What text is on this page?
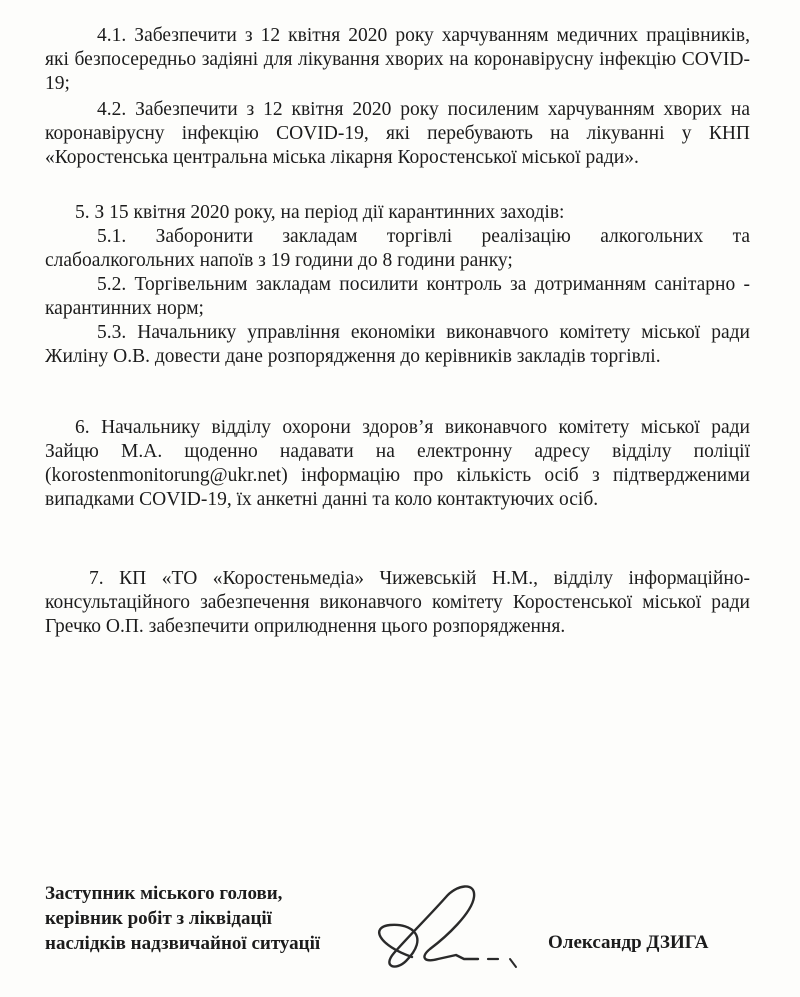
4.1. Забезпечити з 12 квітня 2020 року харчуванням медичних працівників, які безпосередньо задіяні для лікування хворих на коронавірусну інфекцію COVID-19;

4.2. Забезпечити з 12 квітня 2020 року посиленим харчуванням хворих на коронавірусну інфекцію COVID-19, які перебувають на лікуванні у КНП «Коростенська центральна міська лікарня Коростенської міської ради».

5. З 15 квітня 2020 року, на період дії карантинних заходів:

5.1. Заборонити закладам торгівлі реалізацію алкогольних та слабоалкогольних напоїв з 19 години до 8 години ранку;

5.2. Торгівельним закладам посилити контроль за дотриманням санітарно - карантинних норм;

5.3. Начальнику управління економіки виконавчого комітету міської ради Жиліну О.В. довести дане розпорядження до керівників закладів торгівлі.

6. Начальнику відділу охорони здоров’я виконавчого комітету міської ради Зайцю М.А. щоденно надавати на електронну адресу відділу поліції (korostenmonitorung@ukr.net) інформацію про кількість осіб з підтвердженими випадками COVID-19, їх анкетні данні та коло контактуючих осіб.

7. КП «ТО «Коростеньмедіа» Чижевській Н.М., відділу інформаційно-консультаційного забезпечення виконавчого комітету Коростенської міської ради Гречко О.П. забезпечити оприлюднення цього розпорядження.

Заступник міського голови,
керівник робіт з ліквідації
наслідків надзвичайної ситуації	Олександр ДЗИГА
